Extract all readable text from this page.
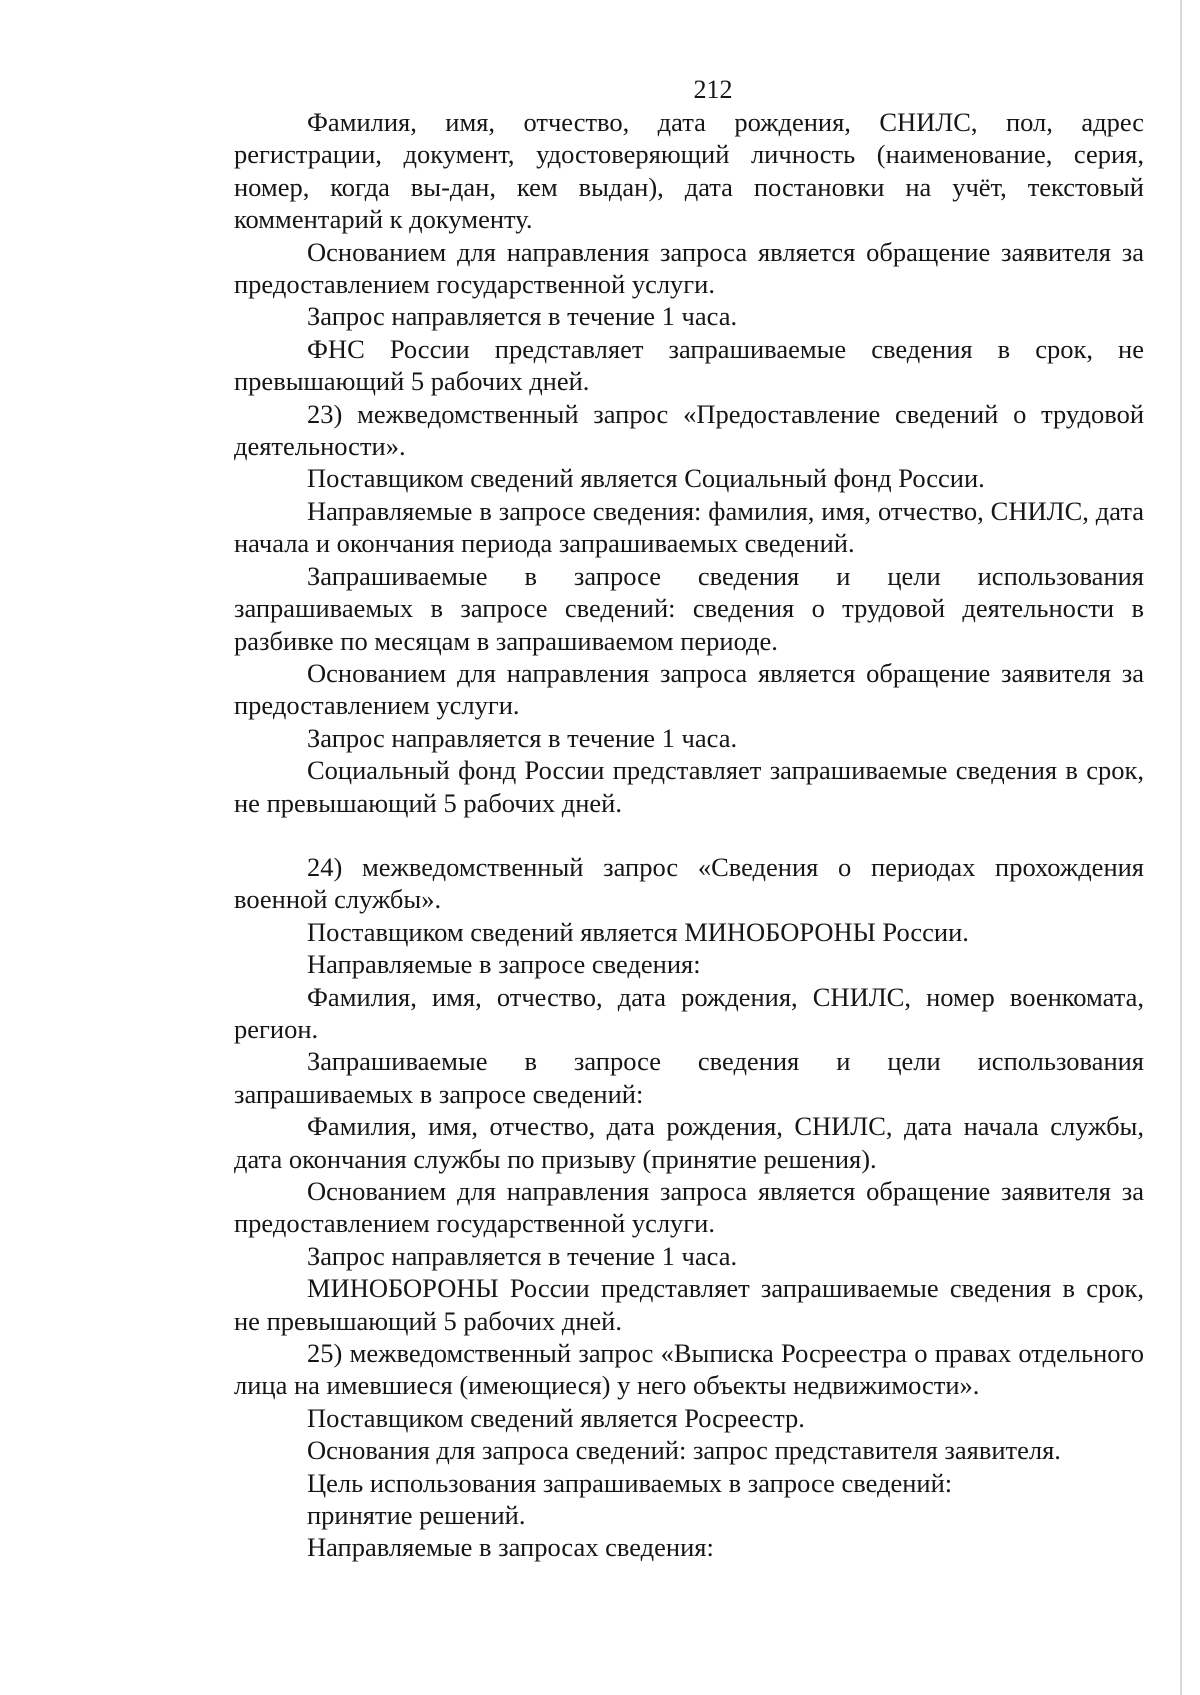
212

Фамилия, имя, отчество, дата рождения, СНИЛС, пол, адрес регистрации, документ, удостоверяющий личность (наименование, серия, номер, когда вы-дан, кем выдан), дата постановки на учёт, текстовый комментарий к документу.

Основанием для направления запроса является обращение заявителя за предоставлением государственной услуги.

Запрос направляется в течение 1 часа.

ФНС России представляет запрашиваемые сведения в срок, не превышающий 5 рабочих дней.

23) межведомственный запрос «Предоставление сведений о трудовой деятельности».

Поставщиком сведений является Социальный фонд России.

Направляемые в запросе сведения: фамилия, имя, отчество, СНИЛС, дата начала и окончания периода запрашиваемых сведений.

Запрашиваемые в запросе сведения и цели использования запрашиваемых в запросе сведений: сведения о трудовой деятельности в разбивке по месяцам в запрашиваемом периоде.

Основанием для направления запроса является обращение заявителя за предоставлением услуги.

Запрос направляется в течение 1 часа.

Социальный фонд России представляет запрашиваемые сведения в срок, не превышающий 5 рабочих дней.

24) межведомственный запрос «Сведения о периодах прохождения военной службы».

Поставщиком сведений является МИНОБОРОНЫ России.

Направляемые в запросе сведения:

Фамилия, имя, отчество, дата рождения, СНИЛС, номер военкомата, регион.

Запрашиваемые в запросе сведения и цели использования запрашиваемых в запросе сведений:

Фамилия, имя, отчество, дата рождения, СНИЛС, дата начала службы, дата окончания службы по призыву (принятие решения).

Основанием для направления запроса является обращение заявителя за предоставлением государственной услуги.

Запрос направляется в течение 1 часа.

МИНОБОРОНЫ России представляет запрашиваемые сведения в срок, не превышающий 5 рабочих дней.

25) межведомственный запрос «Выписка Росреестра о правах отдельного лица на имевшиеся (имеющиеся) у него объекты недвижимости».

Поставщиком сведений является Росреестр.

Основания для запроса сведений: запрос представителя заявителя.

Цель использования запрашиваемых в запросе сведений:

принятие решений.

Направляемые в запросах сведения:
